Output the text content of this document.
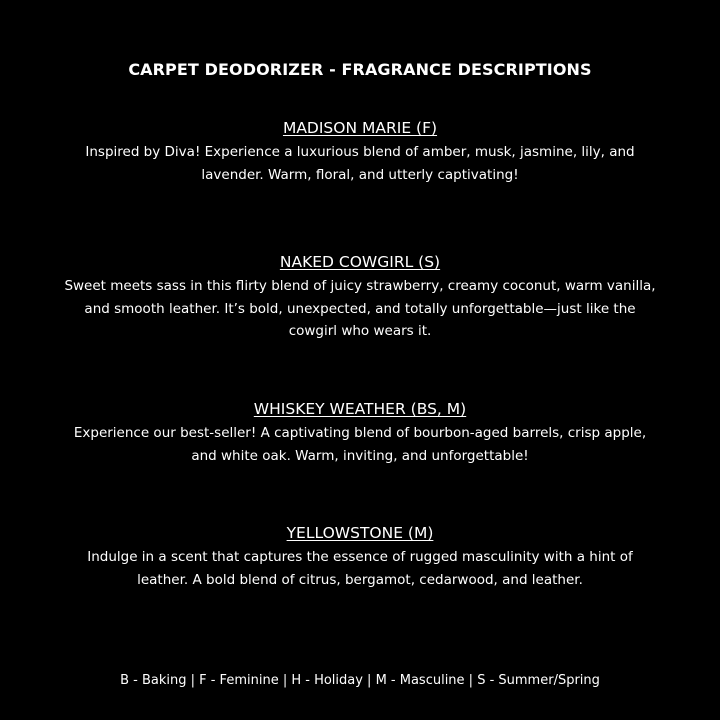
CARPET DEODORIZER - FRAGRANCE DESCRIPTIONS
MADISON MARIE (F)

Inspired by Diva! Experience a luxurious blend of amber, musk, jasmine, lily, and lavender. Warm, floral, and utterly captivating!

NAKED COWGIRL (S)

Sweet meets sass in this flirty blend of juicy strawberry, creamy coconut, warm vanilla, and smooth leather. It’s bold, unexpected, and totally unforgettable—just like the cowgirl who wears it.

WHISKEY WEATHER (BS, M)

Experience our best-seller! A captivating blend of bourbon-aged barrels, crisp apple, and white oak. Warm, inviting, and unforgettable!

YELLOWSTONE (M)

Indulge in a scent that captures the essence of rugged masculinity with a hint of leather. A bold blend of citrus, bergamot, cedarwood, and leather.

B - Baking | F - Feminine | H - Holiday | M - Masculine | S - Summer/Spring
